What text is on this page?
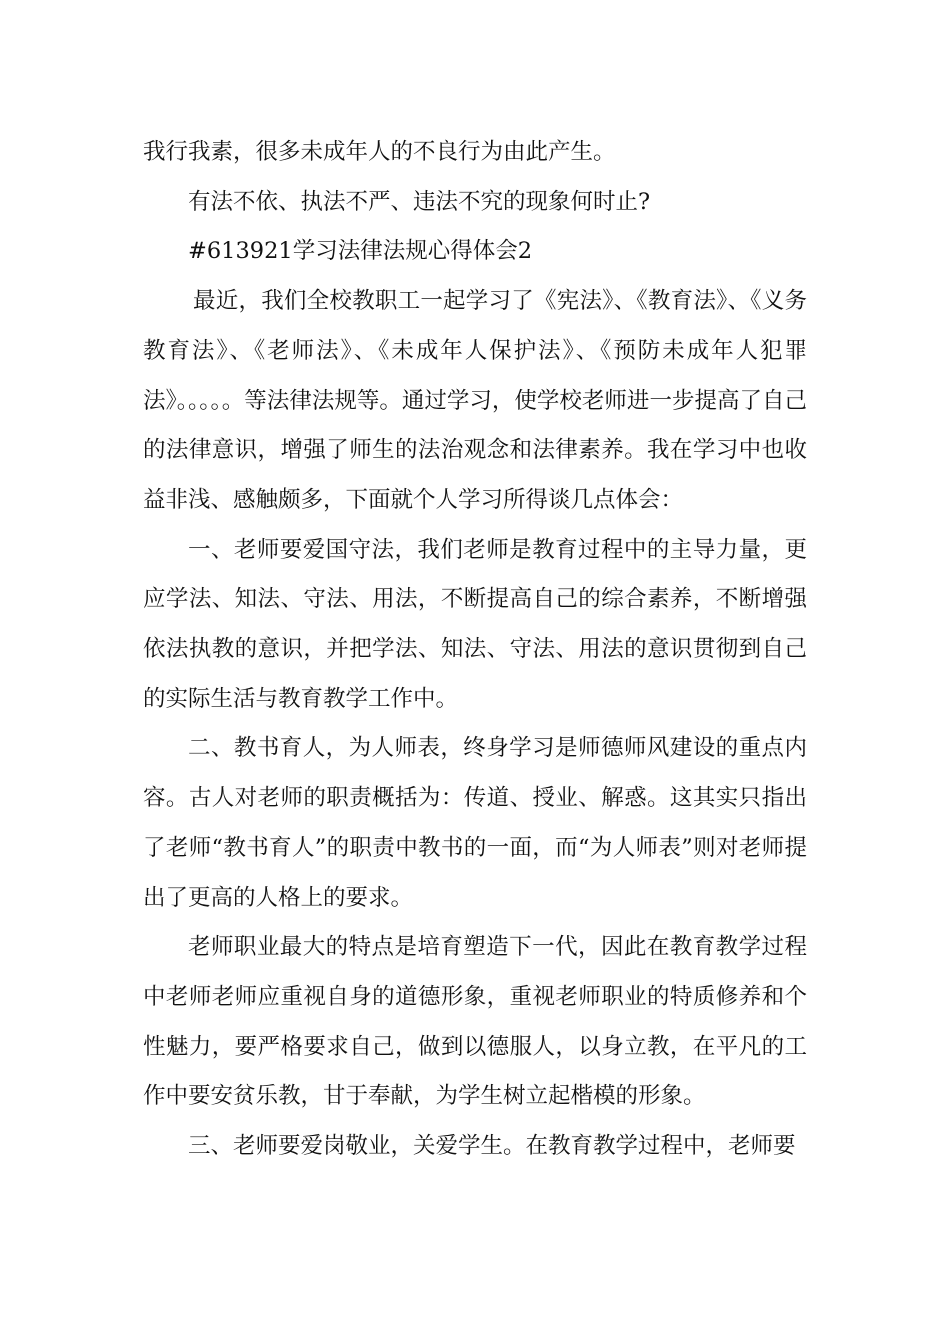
我行我素，很多未成年人的不良行为由此产生。

有法不依、执法不严、违法不究的现象何时止?

#613921学习法律法规心得体会2

最近，我们全校教职工一起学习了《宪法》、《教育法》、《义务教育法》、《老师法》、《未成年人保护法》、《预防未成年人犯罪法》。。。。。等法律法规等。通过学习，使学校老师进一步提高了自己的法律意识，增强了师生的法治观念和法律素养。我在学习中也收益非浅、感触颇多，下面就个人学习所得谈几点体会：

一、老师要爱国守法，我们老师是教育过程中的主导力量，更应学法、知法、守法、用法，不断提高自己的综合素养，不断增强依法执教的意识，并把学法、知法、守法、用法的意识贯彻到自己的实际生活与教育教学工作中。

二、教书育人，为人师表，终身学习是师德师风建设的重点内容。古人对老师的职责概括为：传道、授业、解惑。这其实只指出了老师“教书育人”的职责中教书的一面，而“为人师表”则对老师提出了更高的人格上的要求。

老师职业最大的特点是培育塑造下一代，因此在教育教学过程中老师老师应重视自身的道德形象，重视老师职业的特质修养和个性魅力，要严格要求自己，做到以德服人，以身立教，在平凡的工作中要安贫乐教，甘于奉献，为学生树立起楷模的形象。

三、老师要爱岗敬业，关爱学生。在教育教学过程中，老师要
